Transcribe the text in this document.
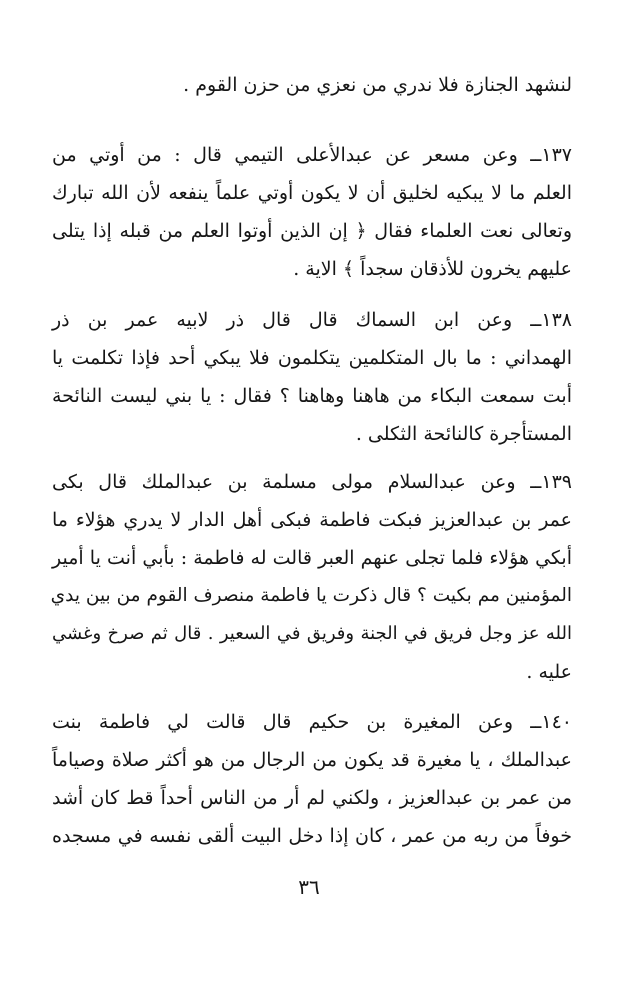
لنشهد الجنازة فلا ندري من نعزي من حزن القوم .
١٣٧ــ وعن مسعر عن عبدالأعلى التيمي قال : من أوتي من
العلم ما لا يبكيه لخليق أن لا يكون أوتي علماً ينفعه لأن الله تبارك
وتعالى نعت العلماء فقال ﴿ إن الذين أوتوا العلم من قبله إذا يتلى
عليهم يخرون للأذقان سجداً ﴾ الاية .
١٣٨ــ وعن ابن السماك قال قال ذر لابيه عمر بن ذر
الهمداني : ما بال المتكلمين يتكلمون فلا يبكي أحد فإذا تكلمت يا
أبت سمعت البكاء من هاهنا وهاهنا ؟ فقال : يا بني ليست النائحة
المستأجرة كالنائحة الثكلى .
١٣٩ــ وعن عبدالسلام مولى مسلمة بن عبدالملك قال بكى
عمر بن عبدالعزيز فبكت فاطمة فبكى أهل الدار لا يدري هؤلاء ما
أبكي هؤلاء فلما تجلى عنهم العبر قالت له فاطمة : بأبي أنت يا أمير
المؤمنين مم بكيت ؟ قال ذكرت يا فاطمة منصرف القوم من بين يدي
الله عز وجل فريق في الجنة وفريق في السعير . قال ثم صرخ وغشي
عليه .
١٤٠ــ وعن المغيرة بن حكيم قال قالت لي فاطمة بنت
عبدالملك ، يا مغيرة قد يكون من الرجال من هو أكثر صلاة وصياماً
من عمر بن عبدالعزيز ، ولكني لم أر من الناس أحداً قط كان أشد
خوفاً من ربه من عمر ، كان إذا دخل البيت ألقى نفسه في مسجده
٣٦
